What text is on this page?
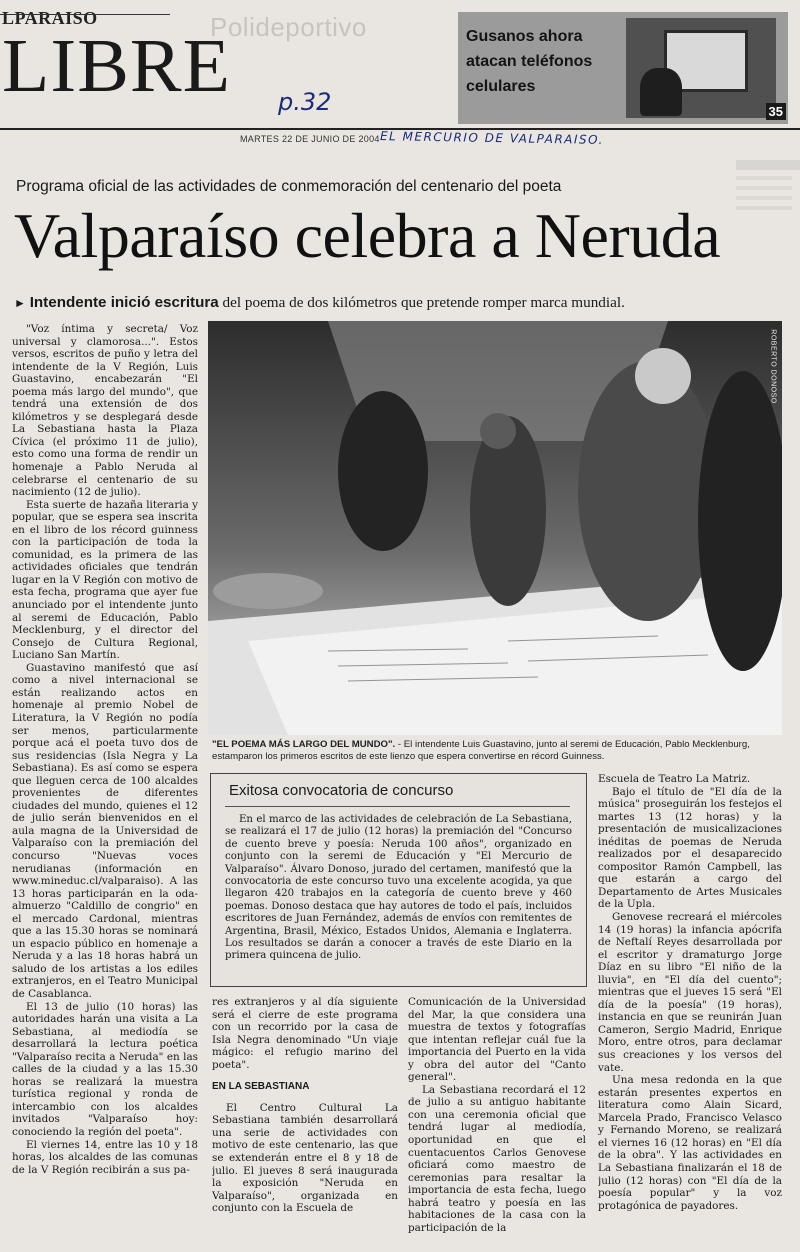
LPARAISO
LIBRE
Polideportivo	Gusanos ahora atacan teléfonos celulares
35
MARTES 22 DE JUNIO DE 2004
p.32
EL MERCURIO DE VALPARAISO.
Programa oficial de las actividades de conmemoración del centenario del poeta
Valparaíso celebra a Neruda
► Intendente inició escritura del poema de dos kilómetros que pretende romper marca mundial.

"Voz íntima y secreta/ Voz universal y clamorosa...". Estos versos, escritos de puño y letra del intendente de la V Región, Luis Guastavino, encabezarán "El poema más largo del mundo", que tendrá una extensión de dos kilómetros y se desplegará desde La Sebastiana hasta la Plaza Cívica (el próximo 11 de julio), esto como una forma de rendir un homenaje a Pablo Neruda al celebrarse el centenario de su nacimiento (12 de julio).

Esta suerte de hazaña literaria y popular, que se espera sea inscrita en el libro de los récord guinness con la participación de toda la comunidad, es la primera de las actividades oficiales que tendrán lugar en la V Región con motivo de esta fecha, programa que ayer fue anunciado por el intendente junto al seremi de Educación, Pablo Mecklenburg, y el director del Consejo de Cultura Regional, Luciano San Martín.

Guastavino manifestó que así como a nivel internacional se están realizando actos en homenaje al premio Nobel de Literatura, la V Región no podía ser menos, particularmente porque acá el poeta tuvo dos de sus residencias (Isla Negra y La Sebastiana). Es así como se espera que lleguen cerca de 100 alcaldes provenientes de diferentes ciudades del mundo, quienes el 12 de julio serán bienvenidos en el aula magna de la Universidad de Valparaíso con la premiación del concurso "Nuevas voces nerudianas (información en www.mineduc.cl/valparaiso). A las 13 horas participarán en la oda-almuerzo "Caldillo de congrio" en el mercado Cardonal, mientras que a las 15.30 horas se nominará un espacio público en homenaje a Neruda y a las 18 horas habrá un saludo de los artistas a los ediles extranjeros, en el Teatro Municipal de Casablanca.

El 13 de julio (10 horas) las autoridades harán una visita a La Sebastiana, al mediodía se desarrollará la lectura poética "Valparaíso recita a Neruda" en las calles de la ciudad y a las 15.30 horas se realizará la muestra turística regional y ronda de intercambio con los alcaldes invitados "Valparaíso hoy: conociendo la región del poeta".

El viernes 14, entre las 10 y 18 horas, los alcaldes de las comunas de la V Región recibirán a sus pa-

ROBERTO DONOSO
"EL POEMA MÁS LARGO DEL MUNDO". - El intendente Luis Guastavino, junto al seremi de Educación, Pablo Mecklenburg, estamparon los primeros escritos de este lienzo que espera convertirse en récord Guinness.
Exitosa convocatoria de concurso
En el marco de las actividades de celebración de La Sebastiana, se realizará el 17 de julio (12 horas) la premiación del "Concurso de cuento breve y poesía: Neruda 100 años", organizado en conjunto con la seremi de Educación y "El Mercurio de Valparaíso". Álvaro Donoso, jurado del certamen, manifestó que la convocatoria de este concurso tuvo una excelente acogida, ya que llegaron 420 trabajos en la categoría de cuento breve y 460 poemas. Donoso destaca que hay autores de todo el país, incluidos escritores de Juan Fernández, además de envíos con remitentes de Argentina, Brasil, México, Estados Unidos, Alemania e Inglaterra. Los resultados se darán a conocer a través de este Diario en la primera quincena de julio.

res extranjeros y al día siguiente será el cierre de este programa con un recorrido por la casa de Isla Negra denominado "Un viaje mágico: el refugio marino del poeta".

EN LA SEBASTIANA

El Centro Cultural La Sebastiana también desarrollará una serie de actividades con motivo de este centenario, las que se extenderán entre el 8 y 18 de julio. El jueves 8 será inaugurada la exposición "Neruda en Valparaíso", organizada en conjunto con la Escuela de

Comunicación de la Universidad del Mar, la que considera una muestra de textos y fotografías que intentan reflejar cuál fue la importancia del Puerto en la vida y obra del autor del "Canto general".

La Sebastiana recordará el 12 de julio a su antiguo habitante con una ceremonia oficial que tendrá lugar al mediodía, oportunidad en que el cuentacuentos Carlos Genovese oficiará como maestro de ceremonias para resaltar la importancia de esta fecha, luego habrá teatro y poesía en las habitaciones de la casa con la participación de la

Escuela de Teatro La Matriz.

Bajo el título de "El día de la música" proseguirán los festejos el martes 13 (12 horas) y la presentación de musicalizaciones inéditas de poemas de Neruda realizados por el desaparecido compositor Ramón Campbell, las que estarán a cargo del Departamento de Artes Musicales de la Upla.

Genovese recreará el miércoles 14 (19 horas) la infancia apócrifa de Neftalí Reyes desarrollada por el escritor y dramaturgo Jorge Díaz en su libro "El niño de la lluvia", en "El día del cuento"; mientras que el jueves 15 será "El día de la poesía" (19 horas), instancia en que se reunirán Juan Cameron, Sergio Madrid, Enrique Moro, entre otros, para declamar sus creaciones y los versos del vate.

Una mesa redonda en la que estarán presentes expertos en literatura como Alain Sicard, Marcela Prado, Francisco Velasco y Fernando Moreno, se realizará el viernes 16 (12 horas) en "El día de la obra". Y las actividades en La Sebastiana finalizarán el 18 de julio (12 horas) con "El día de la poesía popular" y la voz protagónica de payadores.
